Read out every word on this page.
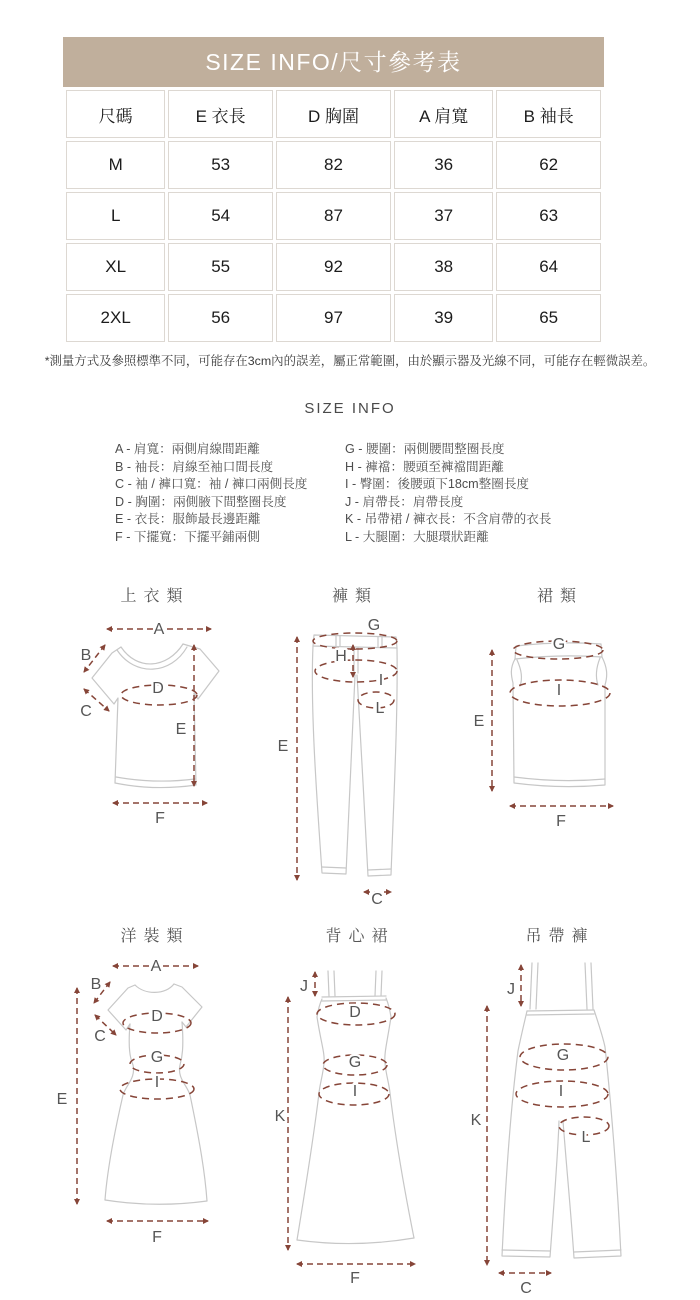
SIZE INFO/尺寸參考表
尺碼	E 衣長	D 胸圍	A 肩寬	B 袖長
M	53	82	36	62
L	54	87	37	63
XL	55	92	38	64
2XL	56	97	39	65
*測量方式及參照標準不同，可能存在3cm內的誤差，屬正常範圍，由於顯示器及光線不同，可能存在輕微誤差。
SIZE INFO
A - 肩寬：兩側肩線間距離
B - 袖長：肩線至袖口間長度
C - 袖 / 褲口寬：袖 / 褲口兩側長度
D - 胸圍：兩側腋下間整圈長度
E - 衣長：服飾最長邊距離
F - 下擺寬：下擺平鋪兩側
G - 腰圍：兩側腰間整圈長度
H - 褲襠：腰頭至褲襠間距離
I - 臀圍：後腰頭下18cm整圈長度
J - 肩帶長：肩帶長度
K - 吊帶裙 / 褲衣長：不含肩帶的衣長
L - 大腿圍：大腿環狀距離
上衣類
A
B
C
D
E
F
褲類
G
H
I
L
E
C
裙類
G
I
E
F
洋裝類
A
B
C
D
G
I
E
F
背心裙
J
D
G
I
K
F
吊帶褲
J
G
I
L
K
C
